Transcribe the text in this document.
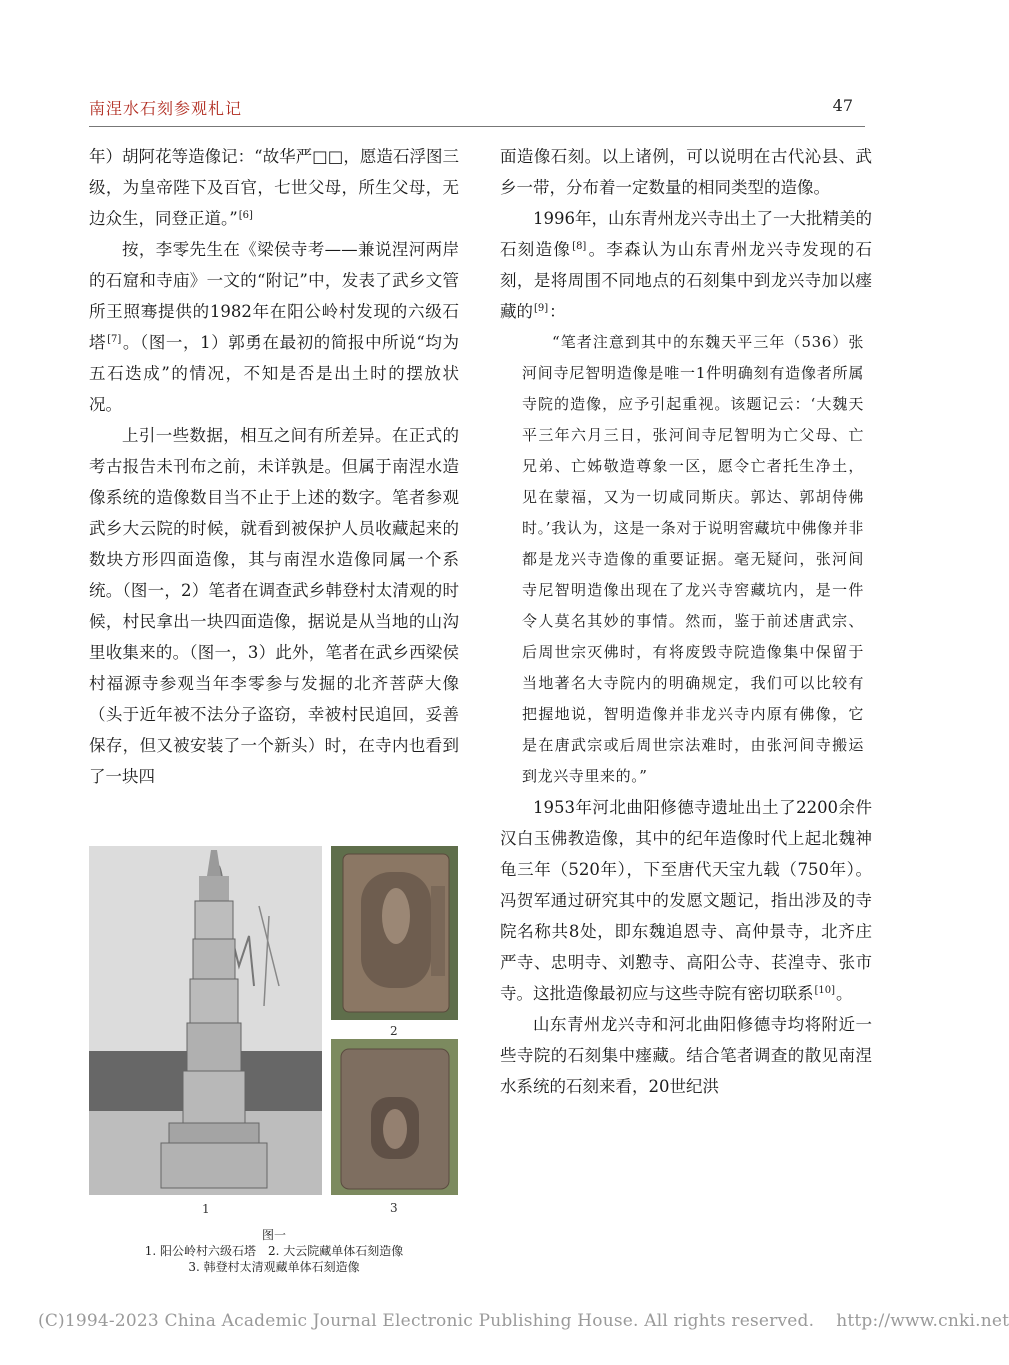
南涅水石刻参观札记	47

年）胡阿花等造像记：“故华严□□，愿造石浮图三级，为皇帝陛下及百官，七世父母，所生父母，无边众生，同登正道。”[6]

按，李零先生在《梁侯寺考——兼说涅河两岸的石窟和寺庙》一文的“附记”中，发表了武乡文管所王照骞提供的1982年在阳公岭村发现的六级石塔[7]。（图一，1）郭勇在最初的简报中所说“均为五石迭成”的情况，不知是否是出土时的摆放状况。

上引一些数据，相互之间有所差异。在正式的考古报告未刊布之前，未详孰是。但属于南涅水造像系统的造像数目当不止于上述的数字。笔者参观武乡大云院的时候，就看到被保护人员收藏起来的数块方形四面造像，其与南涅水造像同属一个系统。（图一，2）笔者在调查武乡韩登村太清观的时候，村民拿出一块四面造像，据说是从当地的山沟里收集来的。（图一，3）此外，笔者在武乡西梁侯村福源寺参观当年李零参与发掘的北齐菩萨大像（头于近年被不法分子盗窃，幸被村民追回，妥善保存，但又被安装了一个新头）时，在寺内也看到了一块四

1
2
3
图一
1. 阳公岭村六级石塔　2. 大云院藏单体石刻造像
3. 韩登村太清观藏单体石刻造像

面造像石刻。以上诸例，可以说明在古代沁县、武乡一带，分布着一定数量的相同类型的造像。

1996年，山东青州龙兴寺出土了一大批精美的石刻造像[8]。李森认为山东青州龙兴寺发现的石刻，是将周围不同地点的石刻集中到龙兴寺加以瘗藏的[9]：

“笔者注意到其中的东魏天平三年（536）张河间寺尼智明造像是唯一1件明确刻有造像者所属寺院的造像，应予引起重视。该题记云：‘大魏天平三年六月三日，张河间寺尼智明为亡父母、亡兄弟、亡姊敬造尊象一区，愿令亡者托生净土，见在蒙福，又为一切咸同斯庆。郭达、郭胡侍佛时。’我认为，这是一条对于说明窖藏坑中佛像并非都是龙兴寺造像的重要证据。毫无疑问，张河间寺尼智明造像出现在了龙兴寺窖藏坑内，是一件令人莫名其妙的事情。然而，鉴于前述唐武宗、后周世宗灭佛时，有将废毁寺院造像集中保留于当地著名大寺院内的明确规定，我们可以比较有把握地说，智明造像并非龙兴寺内原有佛像，它是在唐武宗或后周世宗法难时，由张河间寺搬运到龙兴寺里来的。”

1953年河北曲阳修德寺遗址出土了2200余件汉白玉佛教造像，其中的纪年造像时代上起北魏神龟三年（520年），下至唐代天宝九载（750年）。冯贺军通过研究其中的发愿文题记，指出涉及的寺院名称共8处，即东魏追恩寺、高仲景寺，北齐庄严寺、忠明寺、刘懃寺、高阳公寺、苌湟寺、张市寺。这批造像最初应与这些寺院有密切联系[10]。

山东青州龙兴寺和河北曲阳修德寺均将附近一些寺院的石刻集中瘗藏。结合笔者调查的散见南涅水系统的石刻来看，20世纪洪

(C)1994-2023 China Academic Journal Electronic Publishing House. All rights reserved. http://www.cnki.net
